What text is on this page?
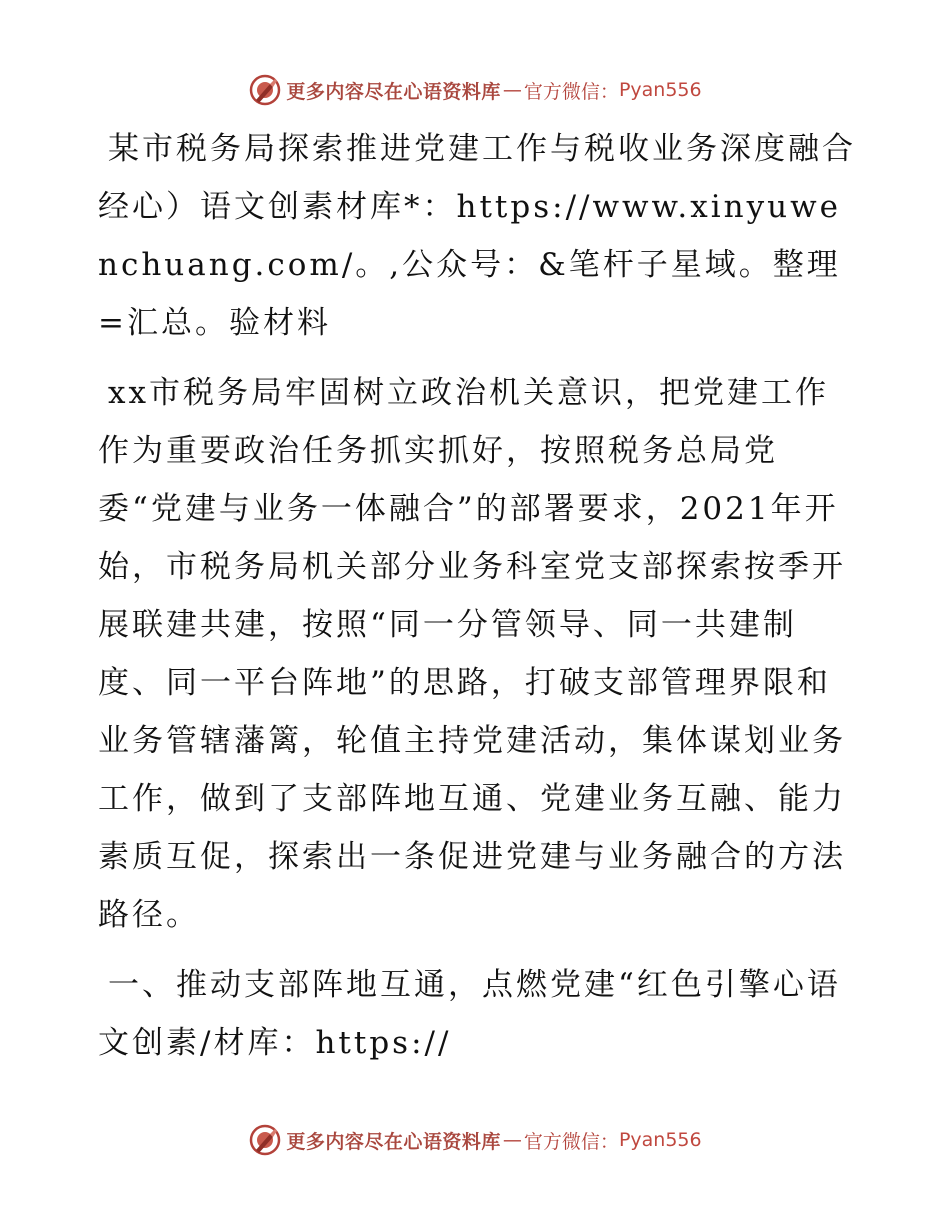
更多内容尽在心语资料库 — 官方微信： Pyan556

某市税务局探索推进党建工作与税收业务深度融合经心）语文创素材库*：https://www.xinyuwenchuang.com/。,公众号：&笔杆子星域。整理=汇总。验材料

xx市税务局牢固树立政治机关意识，把党建工作作为重要政治任务抓实抓好，按照税务总局党委“党建与业务一体融合”的部署要求，2021年开始，市税务局机关部分业务科室党支部探索按季开展联建共建，按照“同一分管领导、同一共建制度、同一平台阵地”的思路，打破支部管理界限和业务管辖藩篱，轮值主持党建活动，集体谋划业务工作，做到了支部阵地互通、党建业务互融、能力素质互促，探索出一条促进党建与业务融合的方法路径。

一、推动支部阵地互通，点燃党建“红色引擎心语文创素/材库：https://

更多内容尽在心语资料库 — 官方微信： Pyan556
